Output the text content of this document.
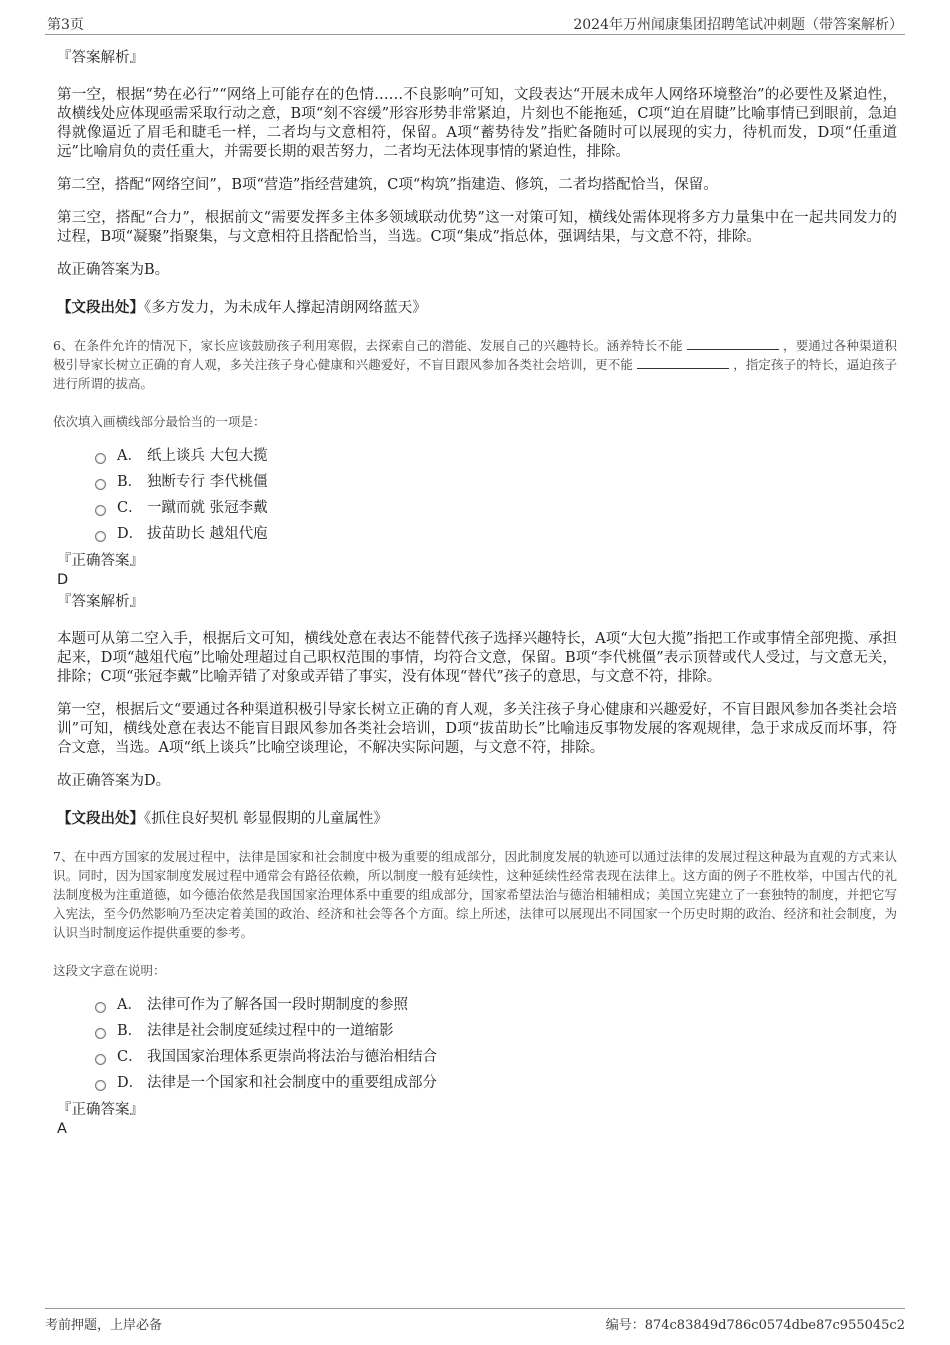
第3页	2024年万州闻康集团招聘笔试冲刺题（带答案解析）

『答案解析』

第一空，根据“势在必行”“网络上可能存在的色情……不良影响”可知，文段表达“开展未成年人网络环境整治”的必要性及紧迫性，故横线处应体现亟需采取行动之意，B项“刻不容缓”形容形势非常紧迫，片刻也不能拖延，C项“迫在眉睫”比喻事情已到眼前，急迫得就像逼近了眉毛和睫毛一样，二者均与文意相符，保留。A项“蓄势待发”指贮备随时可以展现的实力，待机而发，D项“任重道远”比喻肩负的责任重大，并需要长期的艰苦努力，二者均无法体现事情的紧迫性，排除。

第二空，搭配“网络空间”，B项“营造”指经营建筑，C项“构筑”指建造、修筑，二者均搭配恰当，保留。

第三空，搭配“合力”，根据前文“需要发挥多主体多领域联动优势”这一对策可知，横线处需体现将多方力量集中在一起共同发力的过程，B项“凝聚”指聚集，与文意相符且搭配恰当，当选。C项“集成”指总体，强调结果，与文意不符，排除。

故正确答案为B。

【文段出处】《多方发力，为未成年人撑起清朗网络蓝天》

6、在条件允许的情况下，家长应该鼓励孩子利用寒假，去探索自己的潜能、发展自己的兴趣特长。涵养特长不能	，要通过各种渠道积极引导家长树立正确的育人观，多关注孩子身心健康和兴趣爱好，不盲目跟风参加各类社会培训，更不能	，指定孩子的特长，逼迫孩子进行所谓的拔高。

依次填入画横线部分最恰当的一项是：

A． 纸上谈兵 大包大揽
B． 独断专行 李代桃僵
C． 一蹴而就 张冠李戴
D． 拔苗助长 越俎代庖

『正确答案』

D

『答案解析』

本题可从第二空入手，根据后文可知，横线处意在表达不能替代孩子选择兴趣特长，A项“大包大揽”指把工作或事情全部兜揽、承担起来，D项“越俎代庖”比喻处理超过自己职权范围的事情，均符合文意，保留。B项“李代桃僵”表示顶替或代人受过，与文意无关，排除；C项“张冠李戴”比喻弄错了对象或弄错了事实，没有体现“替代”孩子的意思，与文意不符，排除。

第一空，根据后文“要通过各种渠道积极引导家长树立正确的育人观，多关注孩子身心健康和兴趣爱好，不盲目跟风参加各类社会培训”可知，横线处意在表达不能盲目跟风参加各类社会培训，D项“拔苗助长”比喻违反事物发展的客观规律，急于求成反而坏事，符合文意，当选。A项“纸上谈兵”比喻空谈理论，不解决实际问题，与文意不符，排除。

故正确答案为D。

【文段出处】《抓住良好契机 彰显假期的儿童属性》

7、在中西方国家的发展过程中，法律是国家和社会制度中极为重要的组成部分，因此制度发展的轨迹可以通过法律的发展过程这种最为直观的方式来认识。同时，因为国家制度发展过程中通常会有路径依赖，所以制度一般有延续性，这种延续性经常表现在法律上。这方面的例子不胜枚举，中国古代的礼法制度极为注重道德，如今德治依然是我国国家治理体系中重要的组成部分，国家希望法治与德治相辅相成；美国立宪建立了一套独特的制度，并把它写入宪法，至今仍然影响乃至决定着美国的政治、经济和社会等各个方面。综上所述，法律可以展现出不同国家一个历史时期的政治、经济和社会制度，为认识当时制度运作提供重要的参考。

这段文字意在说明：

A． 法律可作为了解各国一段时期制度的参照
B． 法律是社会制度延续过程中的一道缩影
C． 我国国家治理体系更崇尚将法治与德治相结合
D． 法律是一个国家和社会制度中的重要组成部分

『正确答案』

A

考前押题，上岸必备	编号：874c83849d786c0574dbe87c955045c2
